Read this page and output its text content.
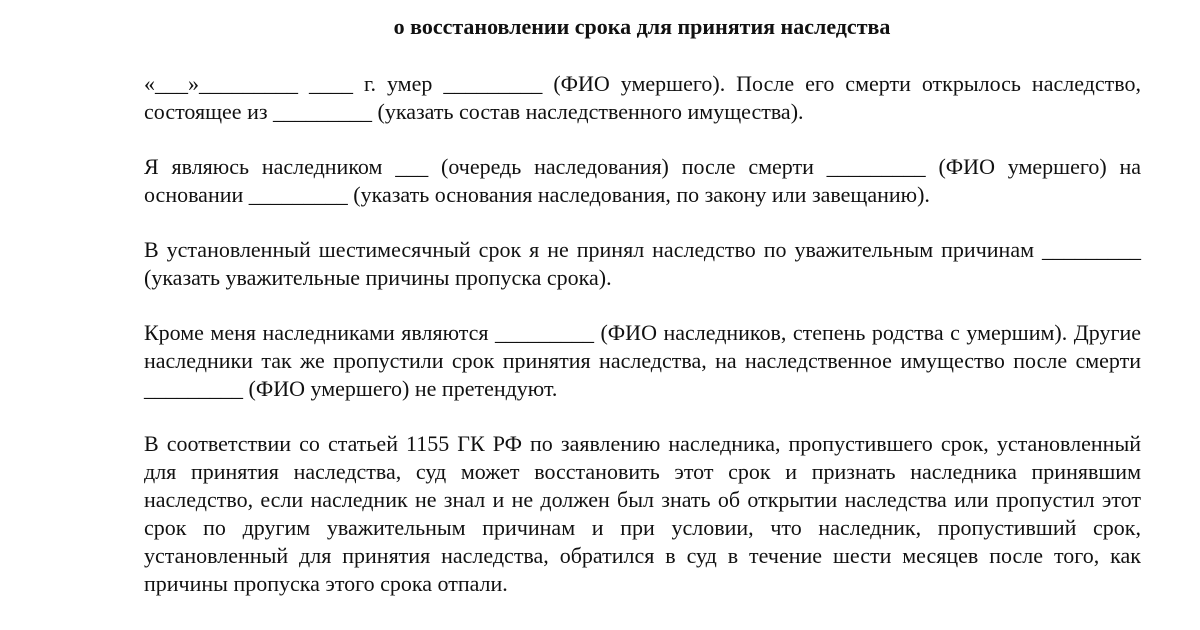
о восстановлении срока для принятия наследства

«___»_________ ____ г. умер _________ (ФИО умершего). После его смерти открылось наследство, состоящее из _________ (указать состав наследственного имущества).

Я являюсь наследником ___ (очередь наследования) после смерти _________ (ФИО умершего) на основании _________ (указать основания наследования, по закону или завещанию).

В установленный шестимесячный срок я не принял наследство по уважительным причинам _________ (указать уважительные причины пропуска срока).

Кроме меня наследниками являются _________ (ФИО наследников, степень родства с умершим). Другие наследники так же пропустили срок принятия наследства, на наследственное имущество после смерти _________ (ФИО умершего) не претендуют.

В соответствии со статьей 1155 ГК РФ по заявлению наследника, пропустившего срок, установленный для принятия наследства, суд может восстановить этот срок и признать наследника принявшим наследство, если наследник не знал и не должен был знать об открытии наследства или пропустил этот срок по другим уважительным причинам и при условии, что наследник, пропустивший срок, установленный для принятия наследства, обратился в суд в течение шести месяцев после того, как причины пропуска этого срока отпали.
